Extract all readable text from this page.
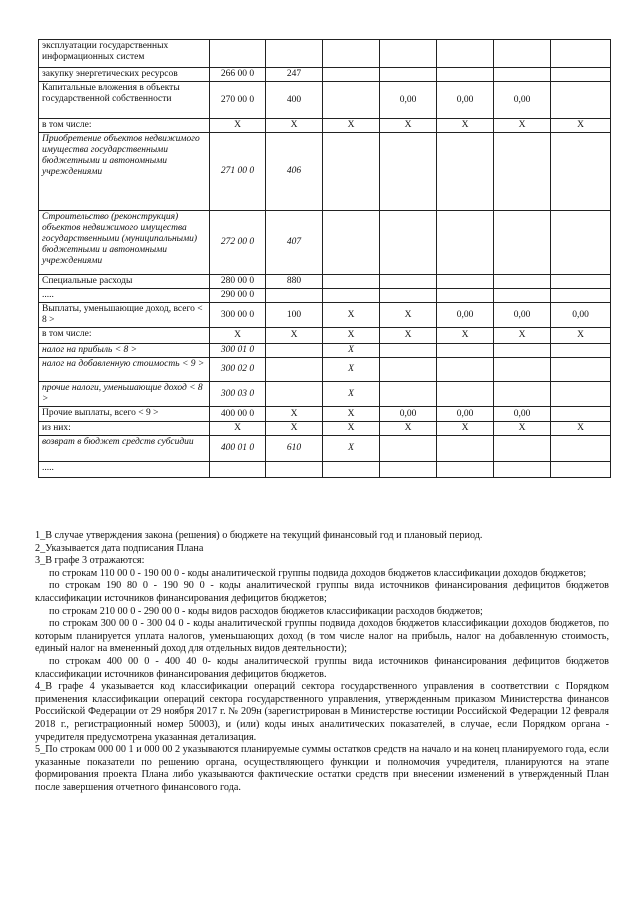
эксплуатации государственных информационных систем							
закупку энергетических ресурсов	266 00 0	247					
Капитальные вложения в объекты государственной собственности	270 00 0	400		0,00	0,00	0,00	
в том числе:	X	X	X	X	X	X	X
Приобретение объектов недвижимого имущества государственными бюджетными и автономными учреждениями	271 00 0	406					
Строительство (реконструкция) объектов недвижимого имущества государственными (муниципальными) бюджетными и автономными учреждениями	272 00 0	407					
Специальные расходы	280 00 0	880					
.....	290 00 0						
Выплаты, уменьшающие доход, всего < 8 >	300 00 0	100	X	X	0,00	0,00	0,00
в том числе:	X	X	X	X	X	X	X
налог на прибыль < 8 >	300 01 0		X				
налог на добавленную стоимость < 9 >	300 02 0		X				
прочие налоги, уменьшающие доход < 8 >	300 03 0		X				
Прочие выплаты, всего < 9 >	400 00 0	X	X	0,00	0,00	0,00	
из них:	X	X	X	X	X	X	X
возврат в бюджет средств субсидии	400 01 0	610	X				
.....							

1_В случае утверждения закона (решения) о бюджете на текущий финансовый год и плановый период.

2_Указывается дата подписания Плана

3_В графе 3 отражаются:

по строкам 110 00 0 - 190 00 0 - коды аналитической группы подвида доходов бюджетов классификации доходов бюджетов;

по строкам 190 80 0 - 190 90 0 - коды аналитической группы вида источников финансирования дефицитов бюджетов классификации источников финансирования дефицитов бюджетов;

по строкам 210 00 0 - 290 00 0 - коды видов расходов бюджетов классификации расходов бюджетов;

по строкам 300 00 0 - 300 04 0 - коды аналитической группы подвида доходов бюджетов классификации доходов бюджетов, по которым планируется уплата налогов, уменьшающих доход (в том числе налог на прибыль, налог на добавленную стоимость, единый налог на вмененный доход для отдельных видов деятельности);

по строкам 400 00 0 - 400 40 0- коды аналитической группы вида источников финансирования дефицитов бюджетов классификации источников финансирования дефицитов бюджетов.

4_В графе 4 указывается код классификации операций сектора государственного управления в соответствии с Порядком применения классификации операций сектора государственного управления, утвержденным приказом Министерства финансов Российской Федерации от 29 ноября 2017 г. № 209н (зарегистрирован в Министерстве юстиции Российской Федерации 12 февраля 2018 г., регистрационный номер 50003), и (или) коды иных аналитических показателей, в случае, если Порядком органа - учредителя предусмотрена указанная детализация.

5_По строкам 000 00 1 и 000 00 2 указываются планируемые суммы остатков средств на начало и на конец планируемого года, если указанные показатели по решению органа, осуществляющего функции и полномочия учредителя, планируются на этапе формирования проекта Плана либо указываются фактические остатки средств при внесении изменений в утвержденный План после завершения отчетного финансового года.
